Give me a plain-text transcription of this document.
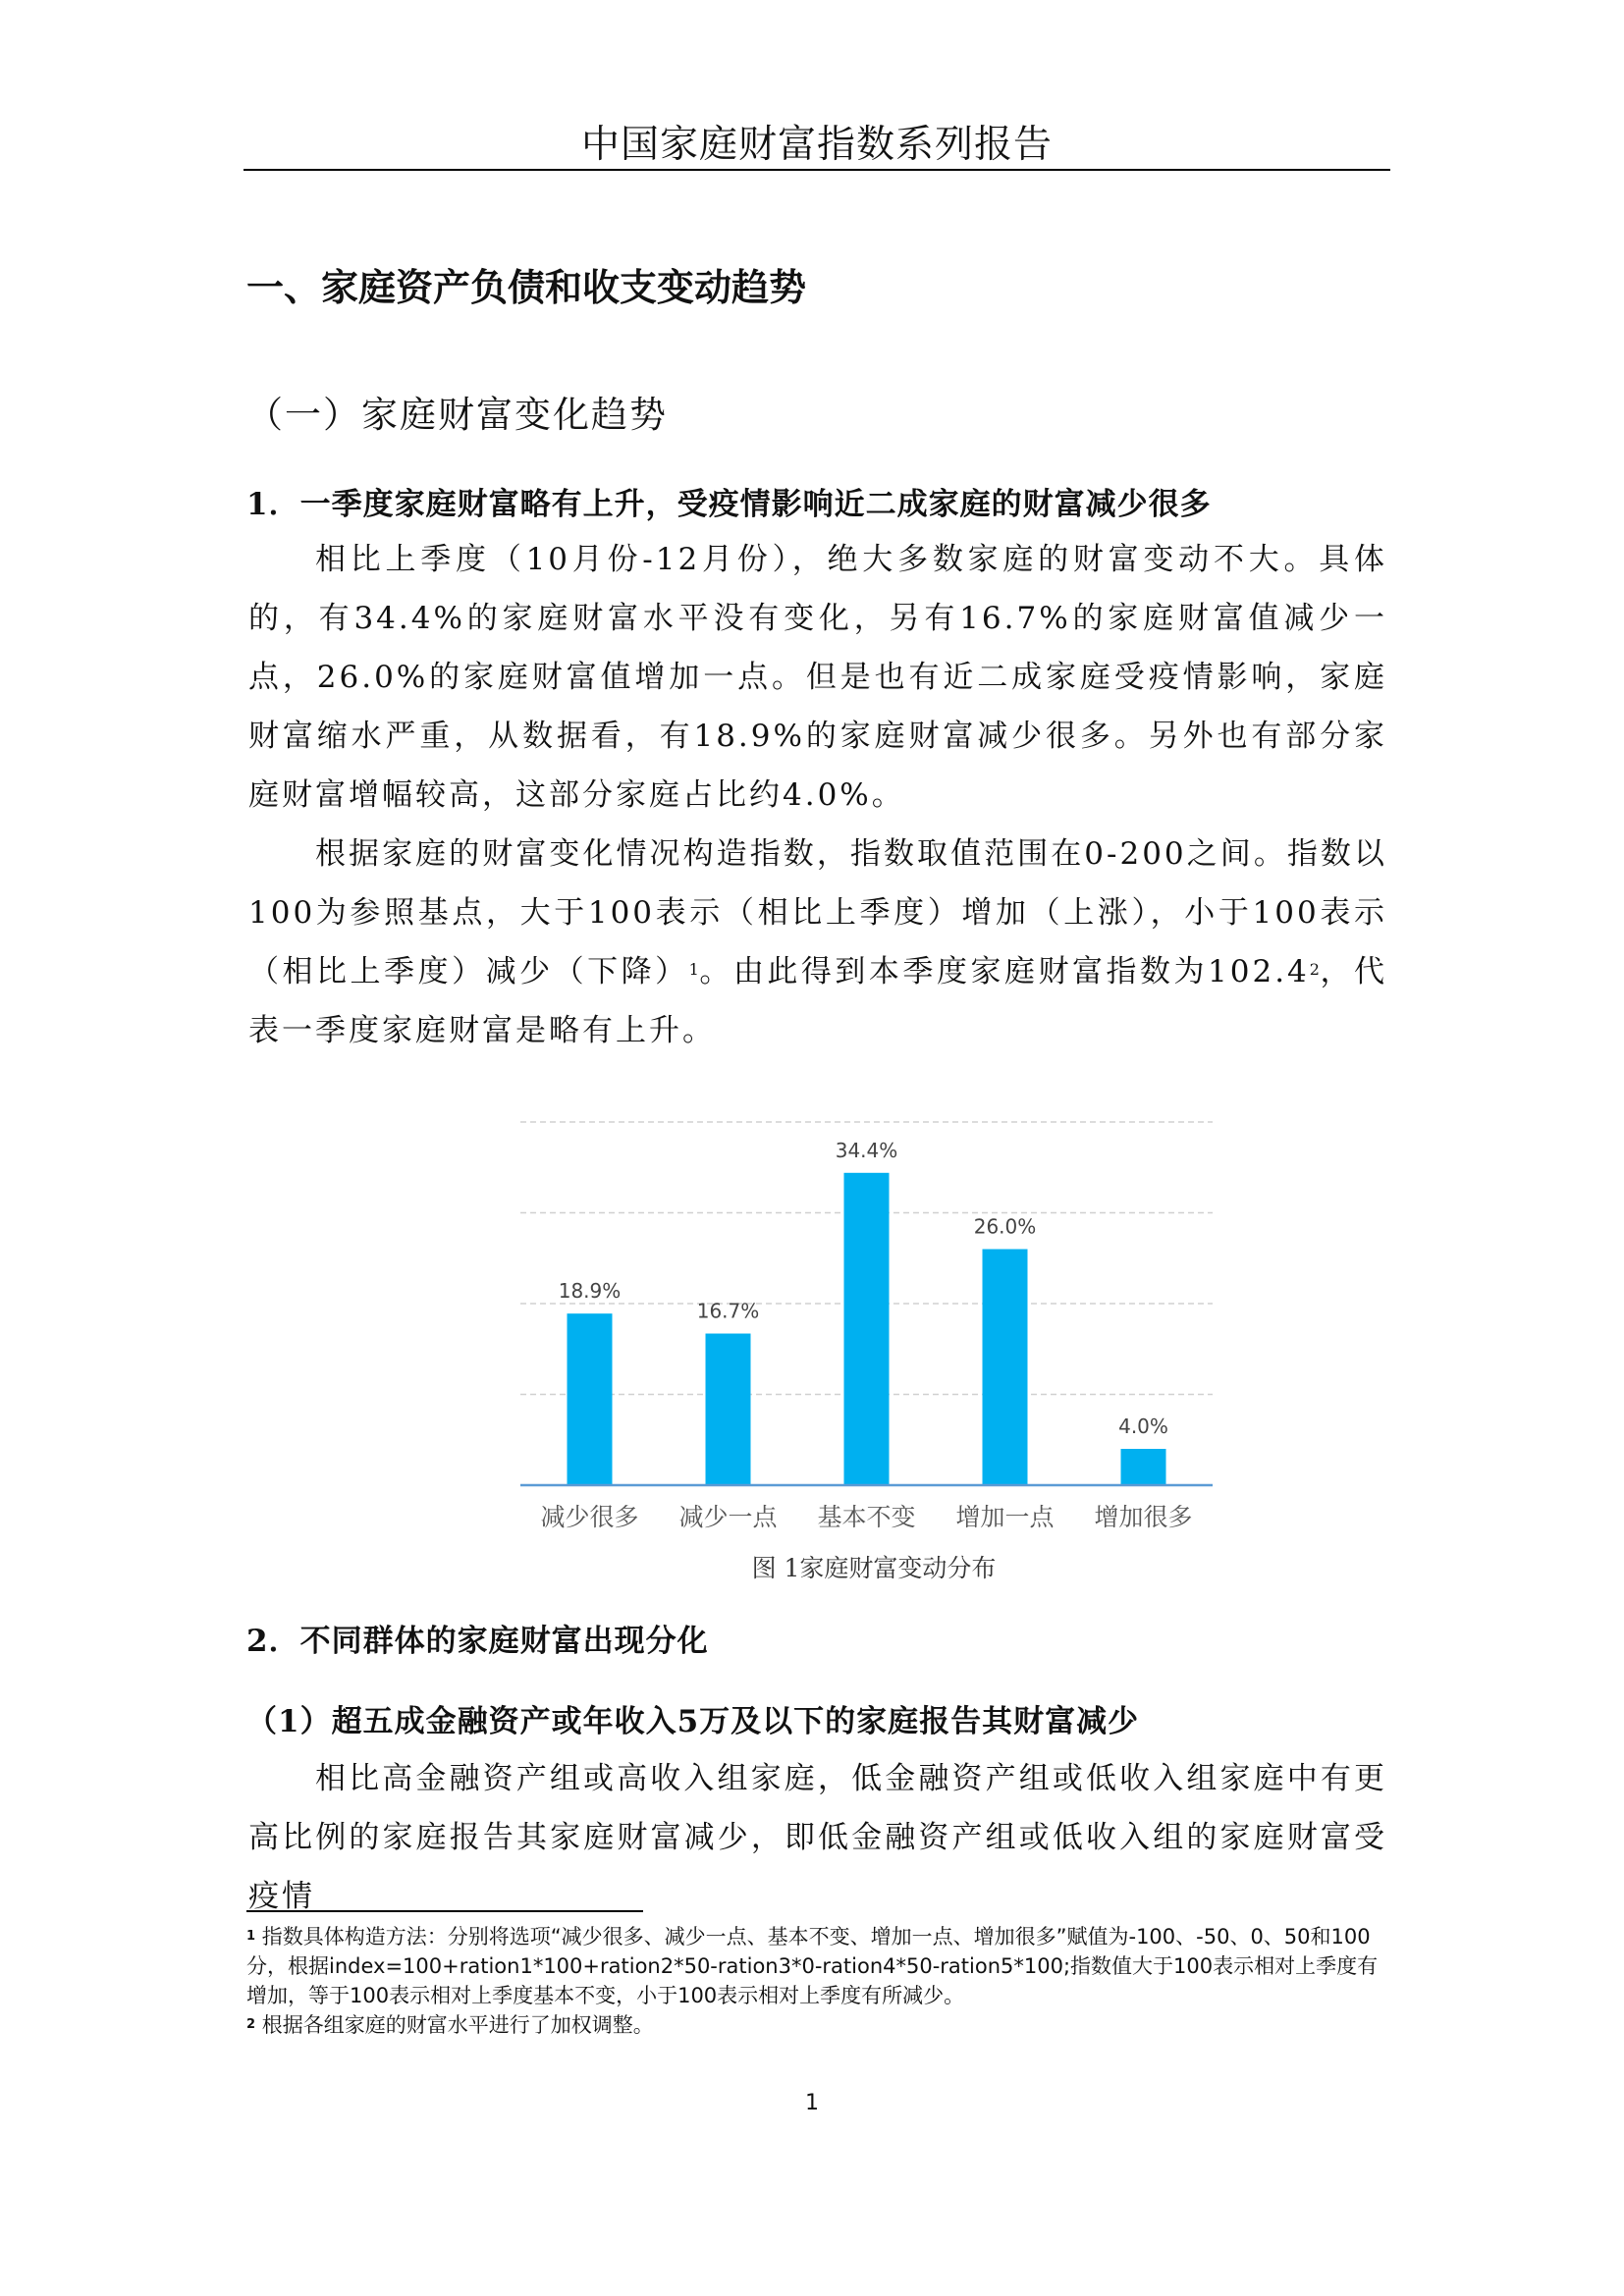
中国家庭财富指数系列报告
一、家庭资产负债和收支变动趋势
（一）家庭财富变化趋势
1．一季度家庭财富略有上升，受疫情影响近二成家庭的财富减少很多

相比上季度（10月份-12月份），绝大多数家庭的财富变动不大。具体的，有34.4%的家庭财富水平没有变化，另有16.7%的家庭财富值减少一点，26.0%的家庭财富值增加一点。但是也有近二成家庭受疫情影响，家庭财富缩水严重，从数据看，有18.9%的家庭财富减少很多。另外也有部分家庭财富增幅较高，这部分家庭占比约4.0%。

根据家庭的财富变化情况构造指数，指数取值范围在0-200之间。指数以100为参照基点，大于100表示（相比上季度）增加（上涨），小于100表示（相比上季度）减少（下降）$^1$。由此得到本季度家庭财富指数为102.4$^2$，代表一季度家庭财富是略有上升。

18.9%
减少很多
16.7%
减少一点
34.4%
基本不变
26.0%
增加一点
4.0%
增加很多
图 1家庭财富变动分布
2．不同群体的家庭财富出现分化
（1）超五成金融资产或年收入5万及以下的家庭报告其财富减少

相比高金融资产组或高收入组家庭，低金融资产组或低收入组家庭中有更高比例的家庭报告其家庭财富减少，即低金融资产组或低收入组的家庭财富受疫情

$^1$ 指数具体构造方法：分别将选项“减少很多、减少一点、基本不变、增加一点、增加很多”赋值为-100、-50、0、50和100分，根据index=100+ration1*100+ration2*50-ration3*0-ration4*50-ration5*100;指数值大于100表示相对上季度有增加，等于100表示相对上季度基本不变，小于100表示相对上季度有所减少。

$^2$ 根据各组家庭的财富水平进行了加权调整。

1
